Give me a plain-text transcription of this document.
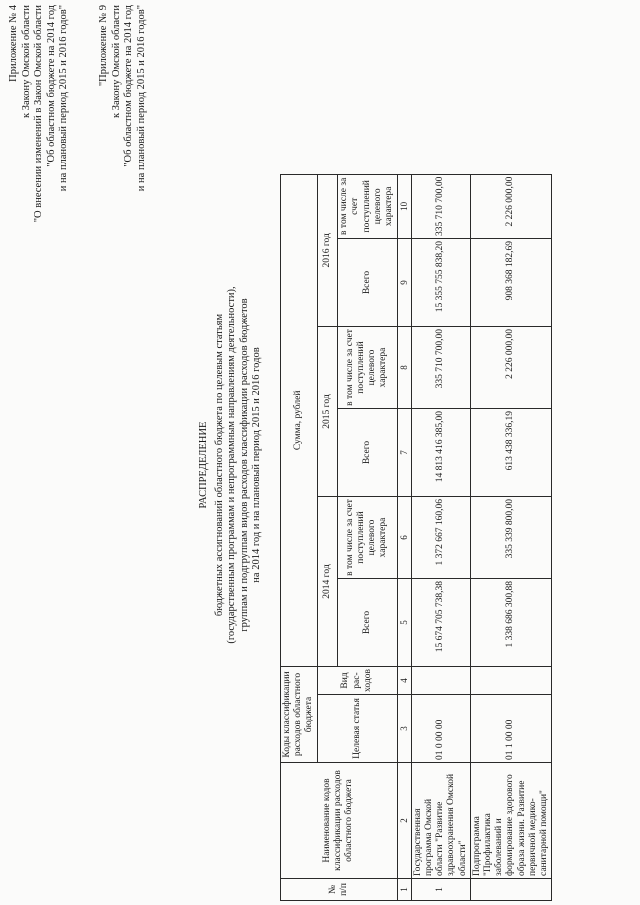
Приложение № 4 к Закону Омской области "О внесении изменений в Закон Омской области "Об областном бюджете на 2014 год и на плановый период 2015 и 2016 годов"	"Приложение № 9 к Закону Омской области "Об областном бюджете на 2014 год и на плановый период 2015 и 2016 годов"
РАСПРЕДЕЛЕНИЕ бюджетных ассигнований областного бюджета по целевым статьям (государственным программам и непрограммным направлениям деятельности), группам и подгруппам видов расходов классификации расходов бюджетов на 2014 год и на плановый период 2015 и 2016 годов
№ п/п	Наименование кодов классификации расходов областного бюджета	Коды классификации расходов областного бюджета		Сумма, рублей					
		Целевая статья	Вид рас-ходов	2014 год		2015 год		2016 год	
				Всего	в том числе за счет поступлений целевого характера	Всего	в том числе за счет поступлений целевого характера	Всего	в том числе за счет поступлений целевого характера
1	2	3	4	5	6	7	8	9	10
1	Государственная программа Омской области "Развитие здравоохранения Омской области"	01 0 00 00		15 674 705 738,38	1 372 667 160,06	14 813 416 385,00	335 710 700,00	15 355 755 838,20	335 710 700,00
	Подпрограмма "Профилактика заболеваний и формирование здорового образа жизни. Развитие первичной медико-санитарной помощи"	01 1 00 00		1 338 686 300,88	335 339 800,00	613 438 336,19	2 226 000,00	908 368 182,69	2 226 000,00
